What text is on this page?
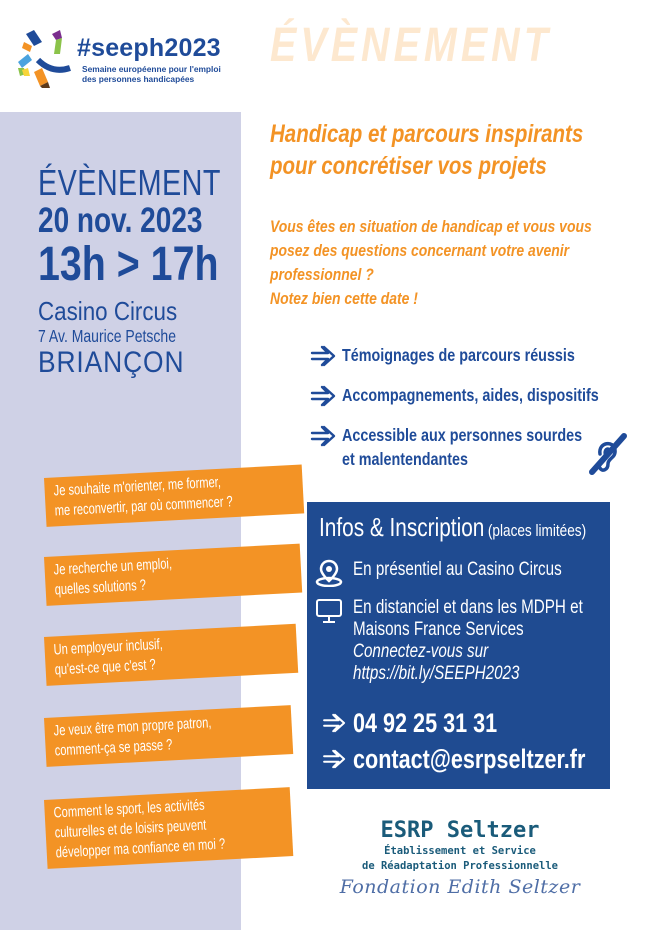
#seeph2023
Semaine européenne pour l'emploi
des personnes handicapées
ÉVÈNEMENT
ÉVÈNEMENT
20 nov. 2023
13h > 17h
Casino Circus
7 Av. Maurice Petsche
BRIANÇON
Je souhaite m'orienter, me former,
me reconvertir, par où commencer ?
Je recherche un emploi,
quelles solutions ?
Un employeur inclusif,
qu'est-ce que c'est ?
Je veux être mon propre patron,
comment-ça se passe ?
Comment le sport, les activités
culturelles et de loisirs peuvent
développer ma confiance en moi ?
Handicap et parcours inspirants
pour concrétiser vos projets
Vous êtes en situation de handicap et vous vous
posez des questions concernant votre avenir
professionnel ?
Notez bien cette date !
Témoignages de parcours réussis
Accompagnements, aides, dispositifs
Accessible aux personnes sourdes
et malentendantes
Infos & Inscription (places limitées)
En présentiel au Casino Circus
En distanciel et dans les MDPH et
Maisons France Services
Connectez-vous sur
https://bit.ly/SEEPH2023
04 92 25 31 31
contact@esrpseltzer.fr
ESRP Seltzer
Établissement et Service
de Réadaptation Professionnelle
Fondation Edith Seltzer
